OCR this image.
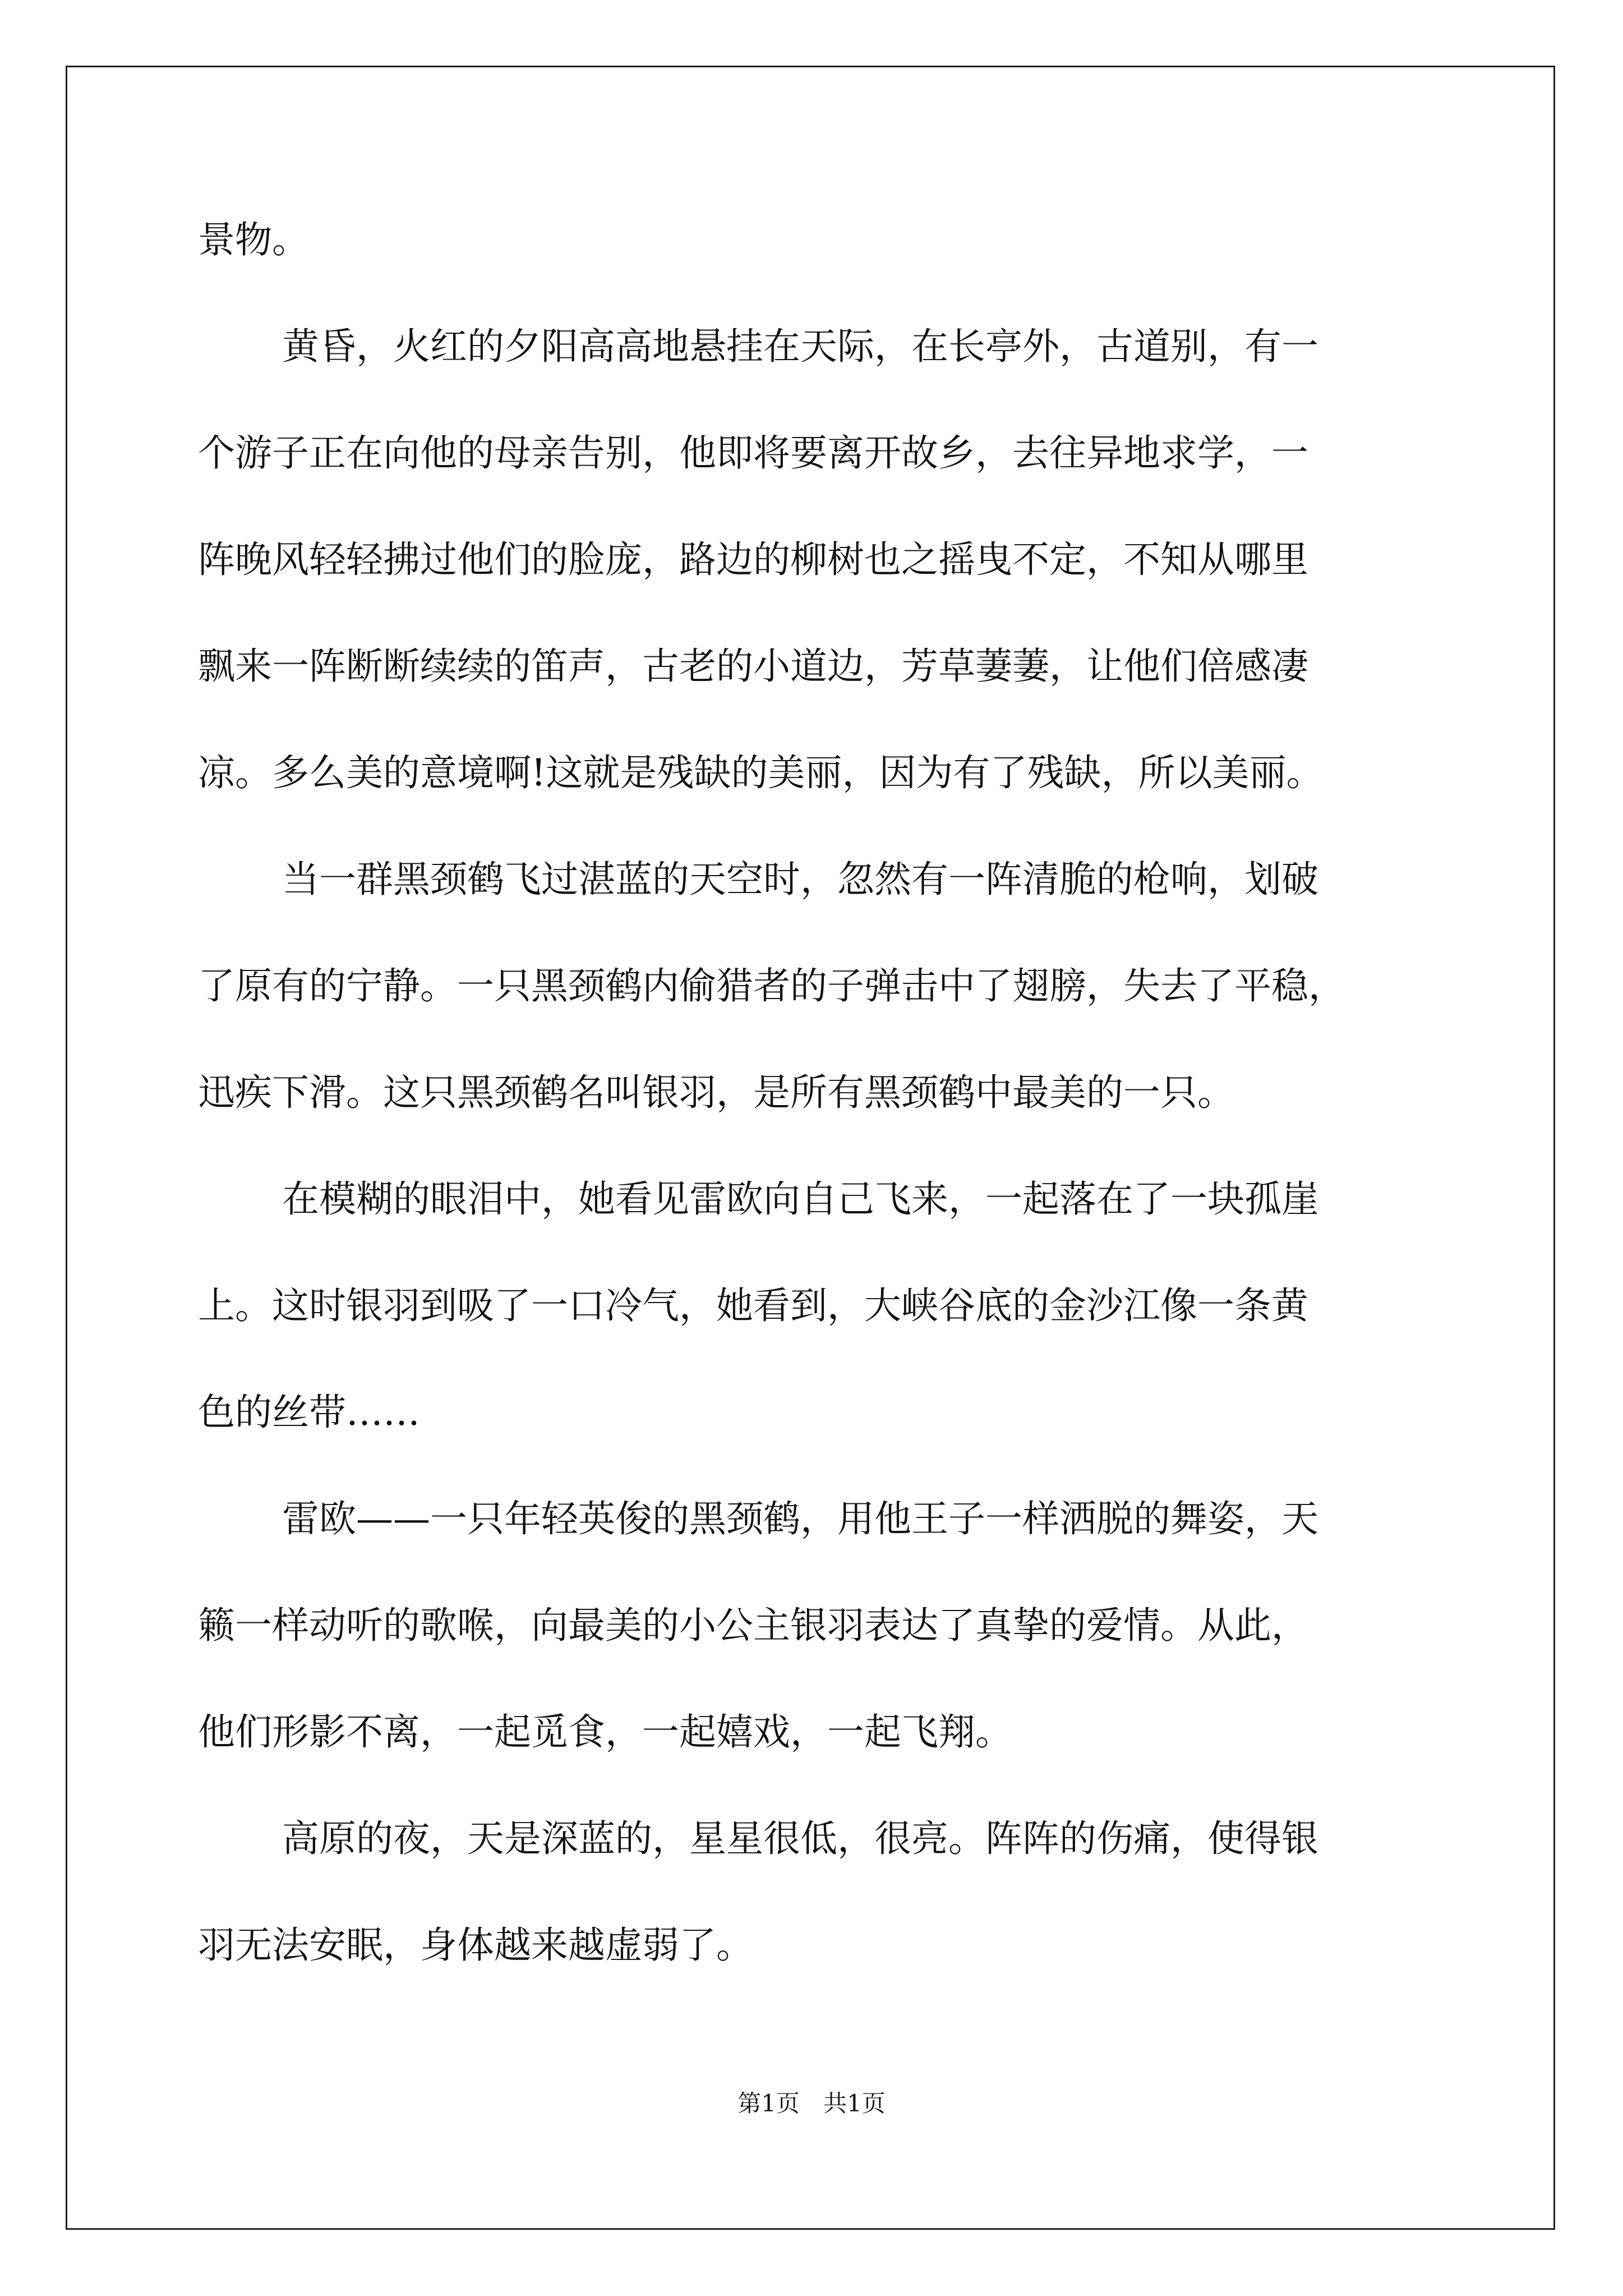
景物。
黄昏，火红的夕阳高高地悬挂在天际，在长亭外，古道别，有一
个游子正在向他的母亲告别，他即将要离开故乡，去往异地求学，一
阵晚风轻轻拂过他们的脸庞，路边的柳树也之摇曳不定，不知从哪里
飘来一阵断断续续的笛声，古老的小道边，芳草萋萋，让他们倍感凄
凉。多么美的意境啊!这就是残缺的美丽，因为有了残缺，所以美丽。
当一群黑颈鹤飞过湛蓝的天空时，忽然有一阵清脆的枪响，划破
了原有的宁静。一只黑颈鹤内偷猎者的子弹击中了翅膀，失去了平稳，
迅疾下滑。这只黑颈鹤名叫银羽，是所有黑颈鹤中最美的一只。
在模糊的眼泪中，她看见雷欧向自己飞来，一起落在了一块孤崖
上。这时银羽到吸了一口冷气，她看到，大峡谷底的金沙江像一条黄
色的丝带……
雷欧——一只年轻英俊的黑颈鹤，用他王子一样洒脱的舞姿，天
籁一样动听的歌喉，向最美的小公主银羽表达了真挚的爱情。从此，
他们形影不离，一起觅食，一起嬉戏，一起飞翔。
高原的夜，天是深蓝的，星星很低，很亮。阵阵的伤痛，使得银
羽无法安眠，身体越来越虚弱了。
第1页　共1页
